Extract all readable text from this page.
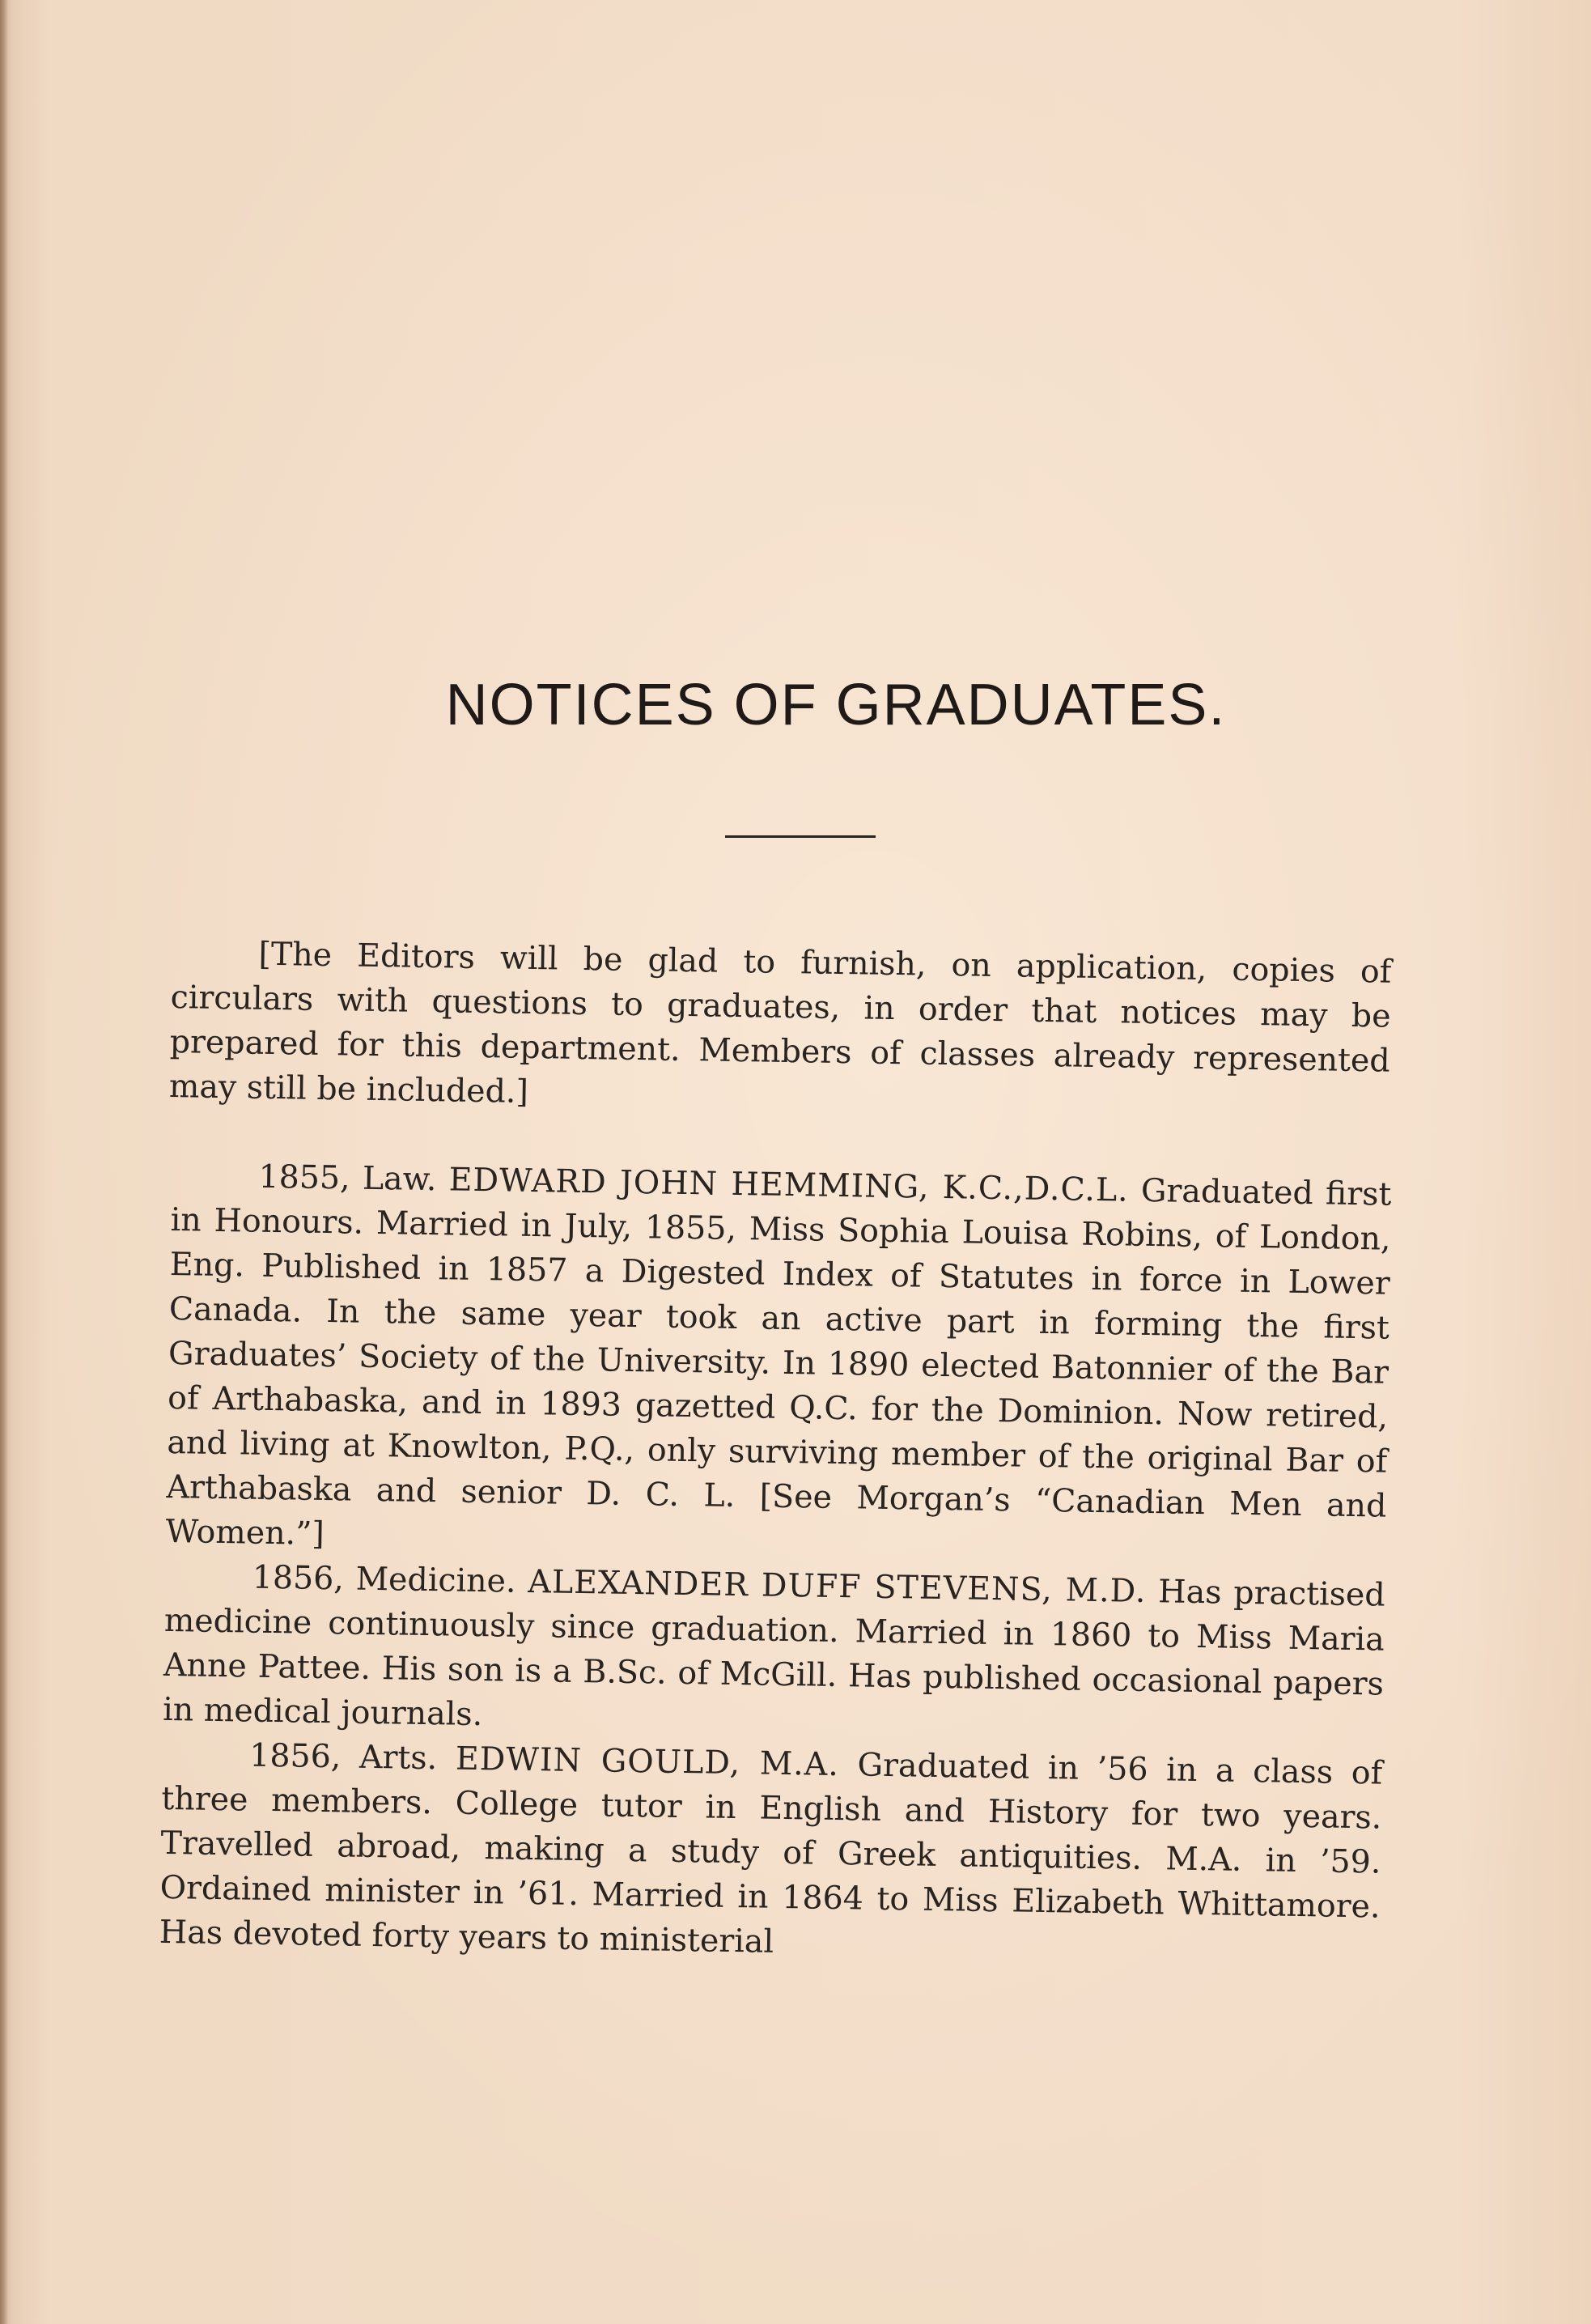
NOTICES OF GRADUATES.

[The Editors will be glad to furnish, on application, copies of circulars with questions to graduates, in order that notices may be prepared for this department. Members of classes already represented may still be included.]

1855, Law. EDWARD JOHN HEMMING, K.C.,D.C.L. Graduated first in Honours. Married in July, 1855, Miss Sophia Louisa Robins, of London, Eng. Published in 1857 a Digested Index of Statutes in force in Lower Canada. In the same year took an active part in forming the first Graduates’ Society of the University. In 1890 elected Batonnier of the Bar of Arthabaska, and in 1893 gazetted Q.C. for the Dominion. Now retired, and living at Knowlton, P.Q., only surviving member of the original Bar of Arthabaska and senior D. C. L. [See Morgan’s “Canadian Men and Women.”]

1856, Medicine. ALEXANDER DUFF STEVENS, M.D. Has practised medicine continuously since graduation. Married in 1860 to Miss Maria Anne Pattee. His son is a B.Sc. of McGill. Has published occasional papers in medical journals.

1856, Arts. EDWIN GOULD, M.A. Graduated in ’56 in a class of three members. College tutor in English and History for two years. Travelled abroad, making a study of Greek antiquities. M.A. in ’59. Ordained minister in ’61. Married in 1864 to Miss Elizabeth Whittamore. Has devoted forty years to ministerial
